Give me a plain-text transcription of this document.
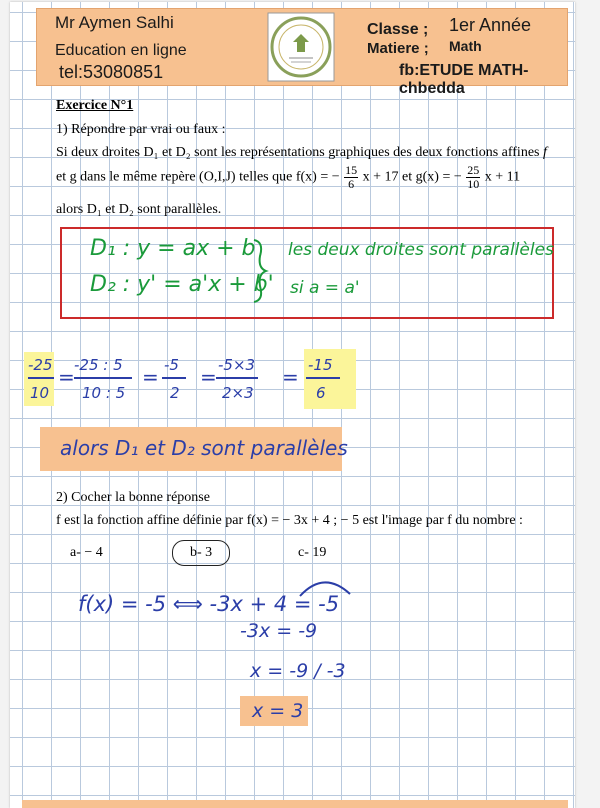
Mr Aymen Salhi
Education en ligne
tel:53080851
Classe ; 1er Année
Matiere ; Math
fb:ETUDE MATH-chbedda
Exercice N°1
1) Répondre par vrai ou faux :
Si deux droites D₁ et D₂ sont les représentations graphiques des deux fonctions affines f
et g dans le même repère (O,I,J) telles que f(x) = − $\frac{15}{6}$ x + 17 et g(x) = − $\frac{25}{10}$ x + 11
alors D₁ et D₂ sont parallèles.
D₁ : y = ax + b
D₂ : y' = a'x + b'
les deux droites sont parallèles
si a = a'
-25
10
= -25 : 5
10 : 5
= -5
2
= -5×3
2×3
= -15
6
alors D₁ et D₂ sont parallèles
2) Cocher la bonne réponse
f est la fonction affine définie par f(x) = − 3x + 4 ; − 5 est l'image par f du nombre :
a- − 4	b- 3	c- 19
f(x) = -5 ⟺ -3x + 4 = -5
-3x = -9
x = -9 / -3
x = 3
